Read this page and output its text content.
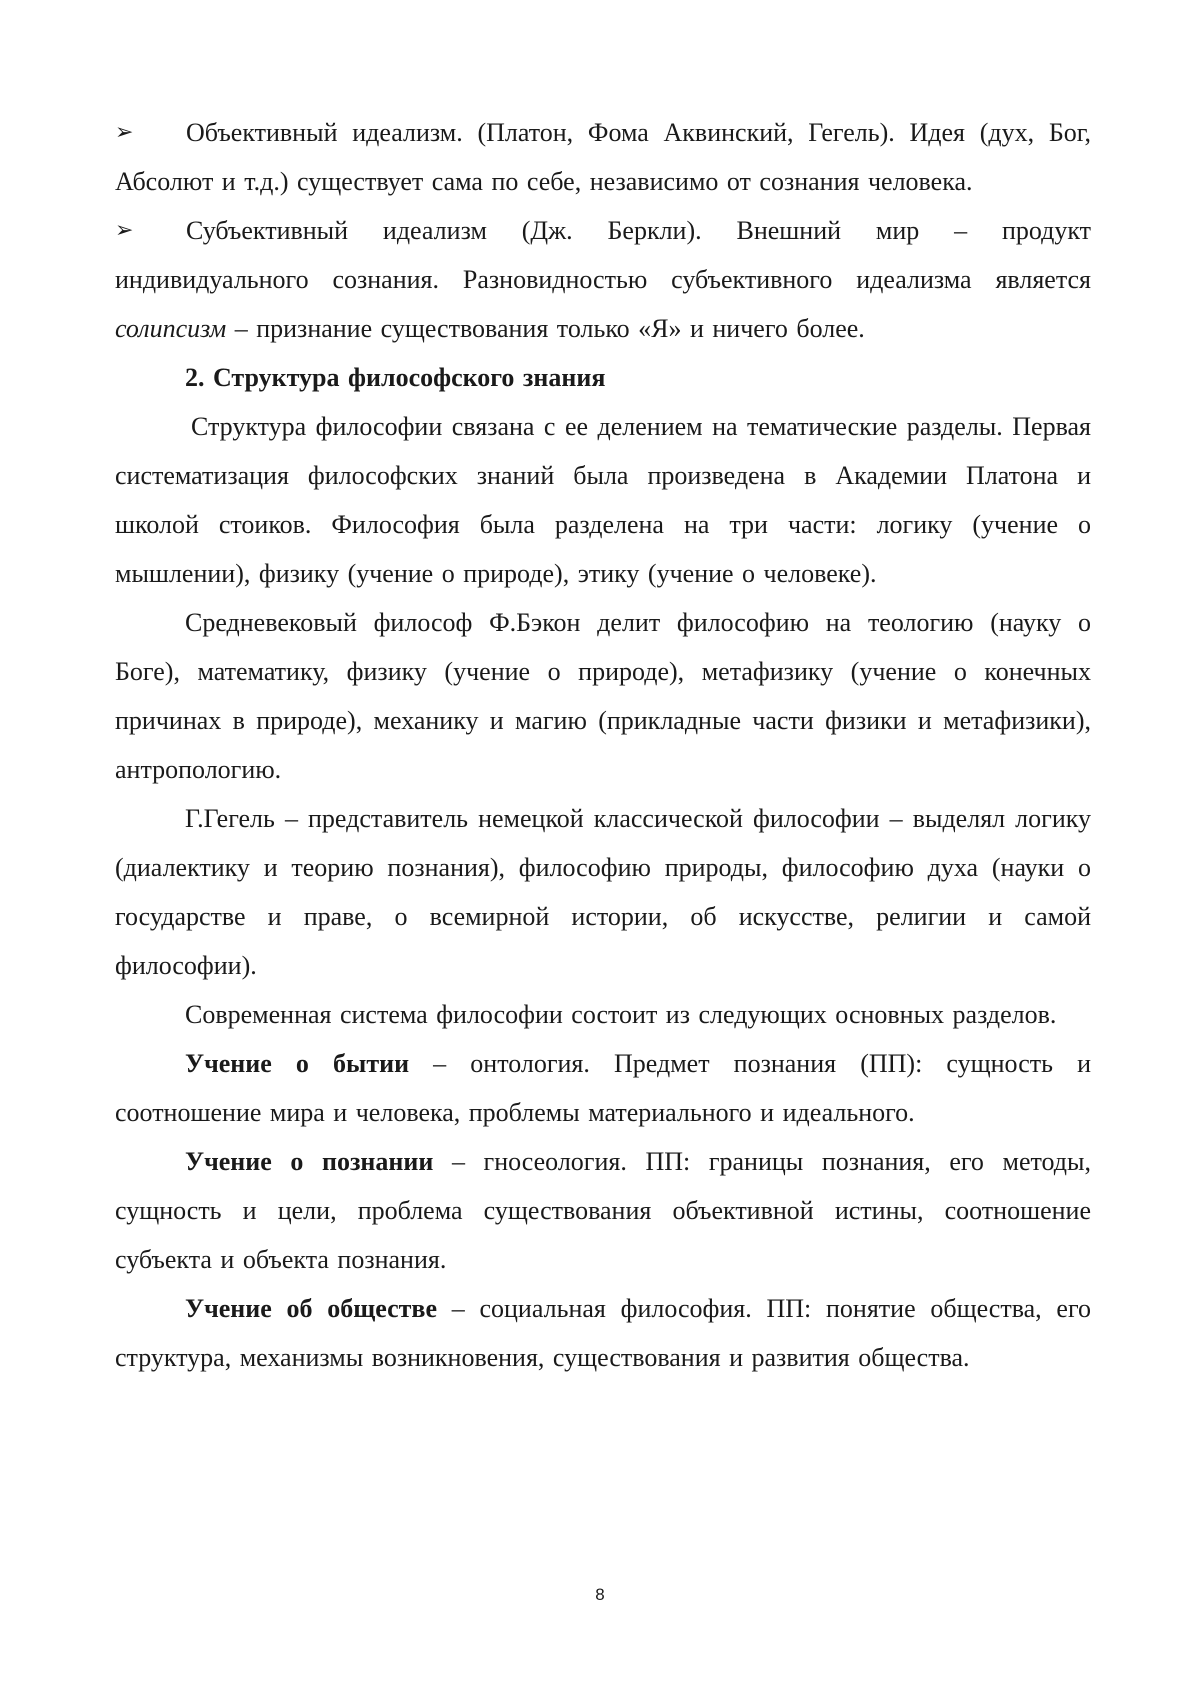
➢ Объективный идеализм. (Платон, Фома Аквинский, Гегель). Идея (дух, Бог, Абсолют и т.д.) существует сама по себе, независимо от сознания человека.

➢ Субъективный идеализм (Дж. Беркли). Внешний мир – продукт индивидуального сознания. Разновидностью субъективного идеализма является солипсизм – признание существования только «Я» и ничего более.

2. Структура философского знания

Структура философии связана с ее делением на тематические разделы. Первая систематизация философских знаний была произведена в Академии Платона и школой стоиков. Философия была разделена на три части: логику (учение о мышлении), физику (учение о природе), этику (учение о человеке).

Средневековый философ Ф.Бэкон делит философию на теологию (науку о Боге), математику, физику (учение о природе), метафизику (учение о конечных причинах в природе), механику и магию (прикладные части физики и метафизики), антропологию.

Г.Гегель – представитель немецкой классической философии – выделял логику (диалектику и теорию познания), философию природы, философию духа (науки о государстве и праве, о всемирной истории, об искусстве, религии и самой философии).

Современная система философии состоит из следующих основных разделов.

Учение о бытии – онтология. Предмет познания (ПП): сущность и соотношение мира и человека, проблемы материального и идеального.

Учение о познании – гносеология. ПП: границы познания, его методы, сущность и цели, проблема существования объективной истины, соотношение субъекта и объекта познания.

Учение об обществе – социальная философия. ПП: понятие общества, его структура, механизмы возникновения, существования и развития общества.

8
